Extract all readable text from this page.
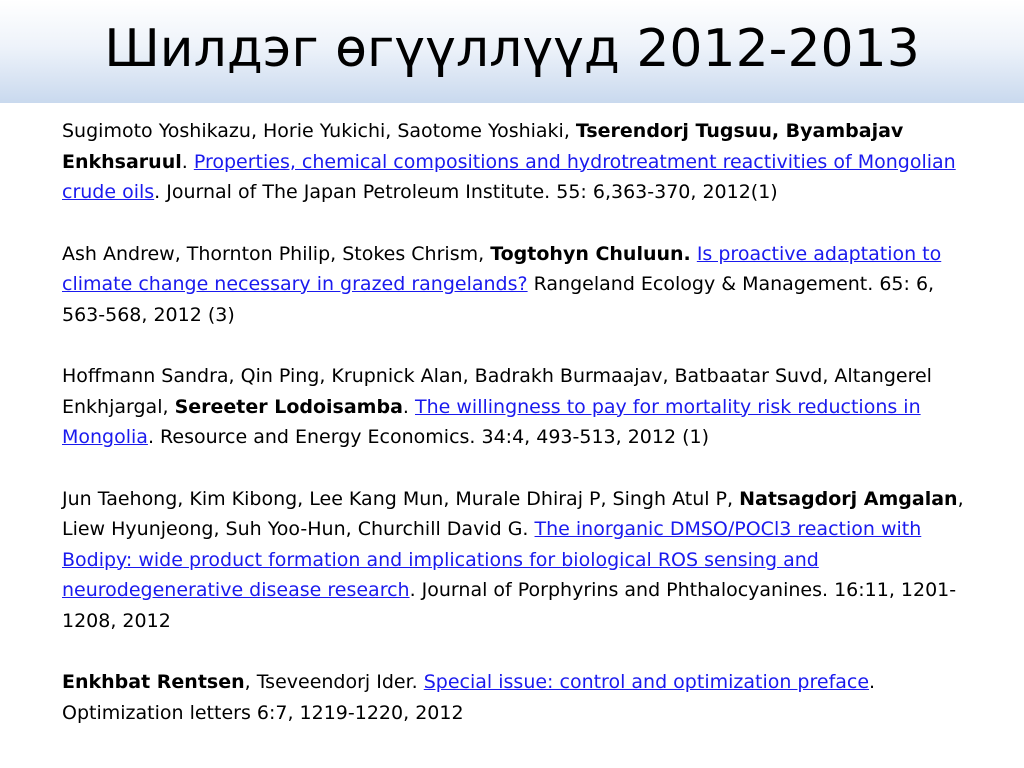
Шилдэг өгүүллүүд 2012-2013

Sugimoto Yoshikazu, Horie Yukichi, Saotome Yoshiaki, Tserendorj Tugsuu, Byambajav Enkhsaruul. Properties, chemical compositions and hydrotreatment reactivities of Mongolian crude oils. Journal of The Japan Petroleum Institute. 55: 6,363-370, 2012(1)

Ash Andrew, Thornton Philip, Stokes Chrism, Togtohyn Chuluun. Is proactive adaptation to climate change necessary in grazed rangelands? Rangeland Ecology & Management. 65: 6, 563-568, 2012 (3)

Hoffmann Sandra, Qin Ping, Krupnick Alan, Badrakh Burmaajav, Batbaatar Suvd, Altangerel Enkhjargal, Sereeter Lodoisamba. The willingness to pay for mortality risk reductions in Mongolia. Resource and Energy Economics. 34:4, 493-513, 2012 (1)

Jun Taehong, Kim Kibong, Lee Kang Mun, Murale Dhiraj P, Singh Atul P, Natsagdorj Amgalan, Liew Hyunjeong, Suh Yoo-Hun, Churchill David G. The inorganic DMSO/POCl3 reaction with Bodipy: wide product formation and implications for biological ROS sensing and neurodegenerative disease research. Journal of Porphyrins and Phthalocyanines. 16:11, 1201-1208, 2012

Enkhbat Rentsen, Tseveendorj Ider. Special issue: control and optimization preface. Optimization letters 6:7, 1219-1220, 2012
